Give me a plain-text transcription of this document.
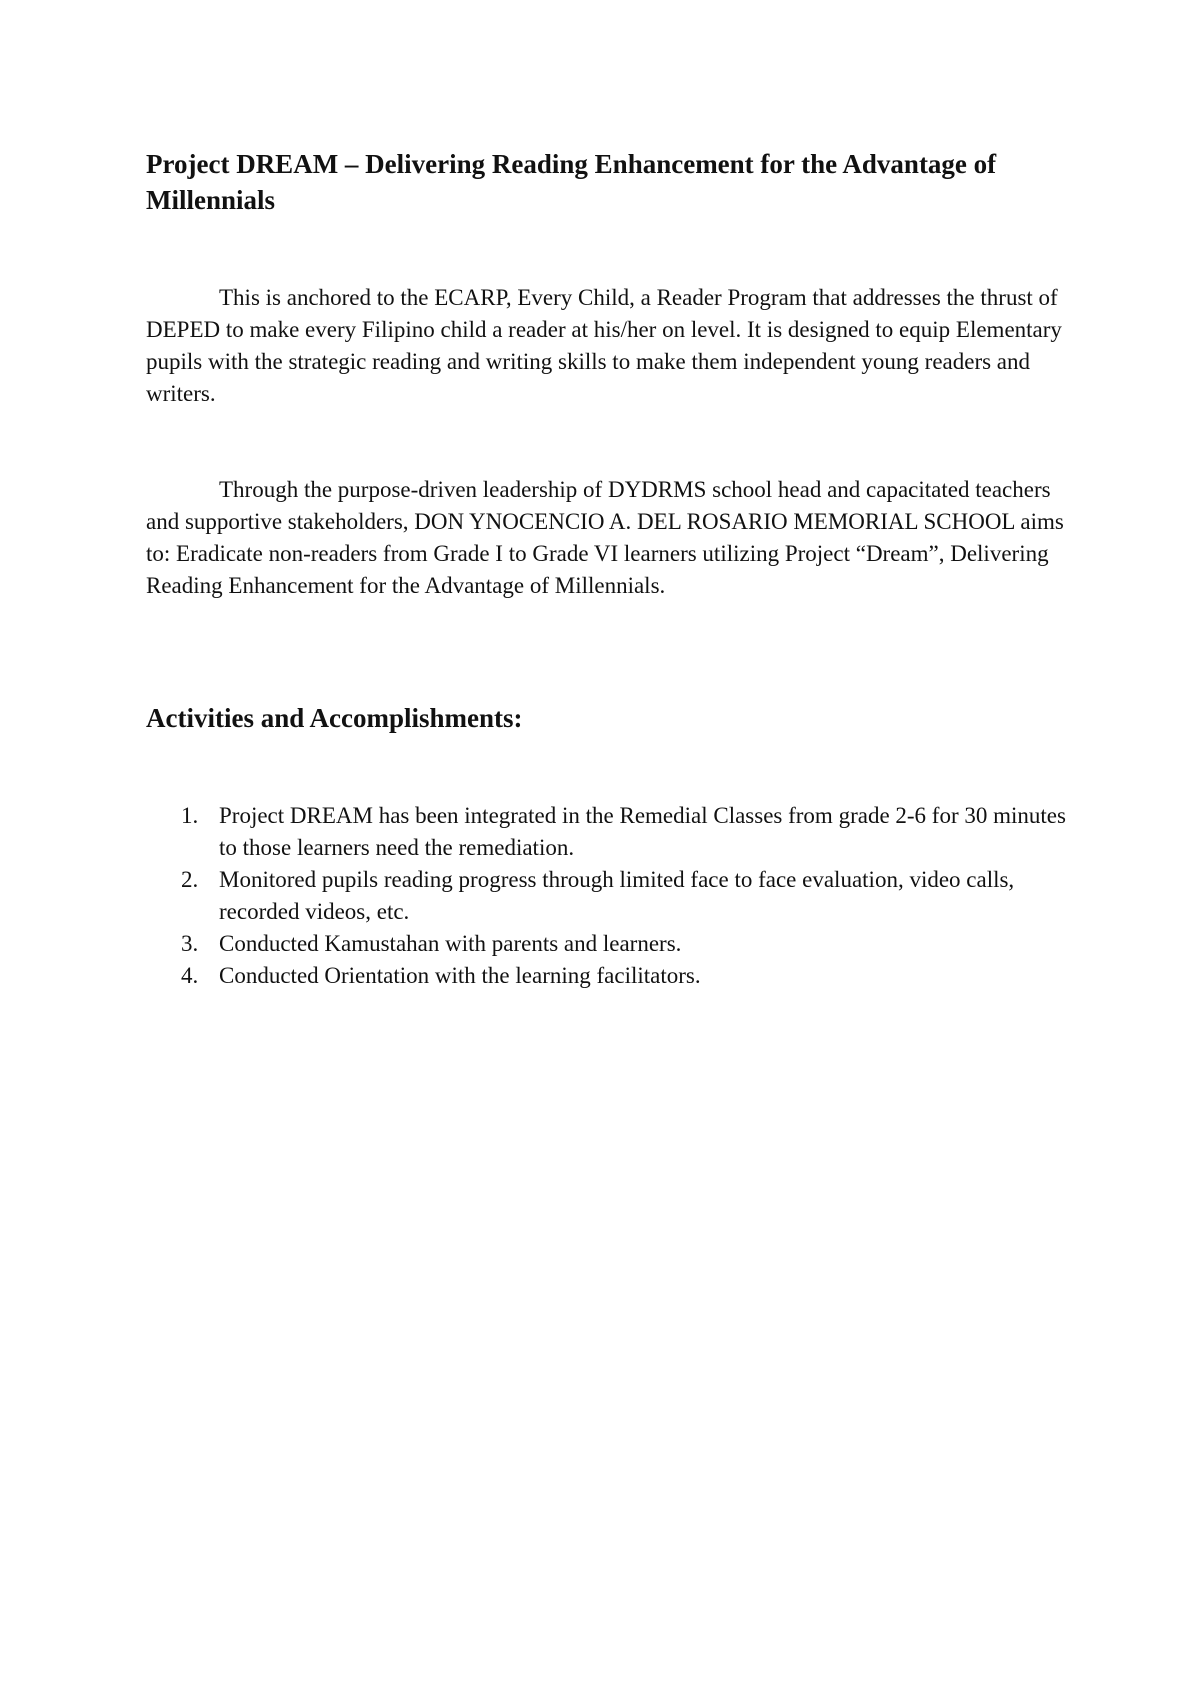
Project DREAM – Delivering Reading Enhancement for the Advantage of Millennials

This is anchored to the ECARP, Every Child, a Reader Program that addresses the thrust of DEPED to make every Filipino child a reader at his/her on level. It is designed to equip Elementary pupils with the strategic reading and writing skills to make them independent young readers and writers.

Through the purpose-driven leadership of DYDRMS school head and capacitated teachers and supportive stakeholders, DON YNOCENCIO A. DEL ROSARIO MEMORIAL SCHOOL aims to: Eradicate non-readers from Grade I to Grade VI learners utilizing Project “Dream”, Delivering Reading Enhancement for the Advantage of Millennials.

Activities and Accomplishments:
1. Project DREAM has been integrated in the Remedial Classes from grade 2-6 for 30 minutes to those learners need the remediation.
2. Monitored pupils reading progress through limited face to face evaluation, video calls, recorded videos, etc.
3. Conducted Kamustahan with parents and learners.
4. Conducted Orientation with the learning facilitators.
